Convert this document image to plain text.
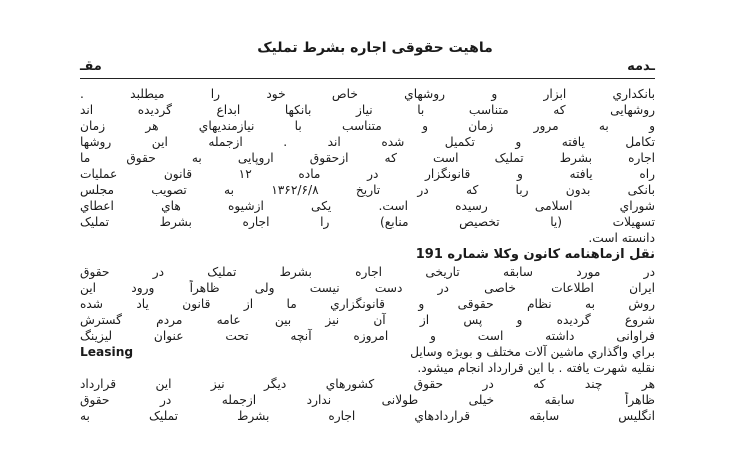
ماهیت حقوقی اجاره بشرط تملیک
ـدمه
مقـ
بانکداري ابزار و روشهاي خاص خود را میطلبد .
روشهایی که متناسب با نیاز بانکها ابداع گردیده اند
و به مرور زمان و متناسب با نیازمندیهاي هر زمان
تکامل یافته و تکمیل شده اند . ازجمله این روشها
اجاره بشرط تملیک است که ازحقوق اروپایی به حقوق ما
راه یافته و قانونگزار در ماده ۱۲ قانون عملیات
بانکی بدون ربا که در تاریخ ۱۳۶۲/۶/۸ به تصویب مجلس
شوراي اسلامی رسیده است. یکی ازشیوه هاي اعطاي
تسهیلات (یا تخصیص منابع) را اجاره بشرط تملیک
دانسته است.
نقل ازماهنامه کانون وکلا شماره 191
در مورد سابقه تاریخی اجاره بشرط تملیک در حقوق
ایران اطلاعات خاصی در دست نیست ولی ظاهراً ورود این
روش به نظام حقوقی و قانونگزاري ما از قانون یاد شده
شروع گردیده و پس از آن نیز بین عامه مردم گسترش
فراوانی داشته است و امروزه آنچه تحت عنوان لیزینگ
براي واگذاري ماشین آلات مختلف و بویژه وسایل
Leasing
نقلیه شهرت یافته . با این قرارداد انجام میشود.
هر چند که در حقوق کشورهاي دیگر نیز این قرارداد
ظاهراً سابقه خیلی طولانی ندارد ازجمله در حقوق
انگلیس سابقه قراردادهاي اجاره بشرط تملیک به
